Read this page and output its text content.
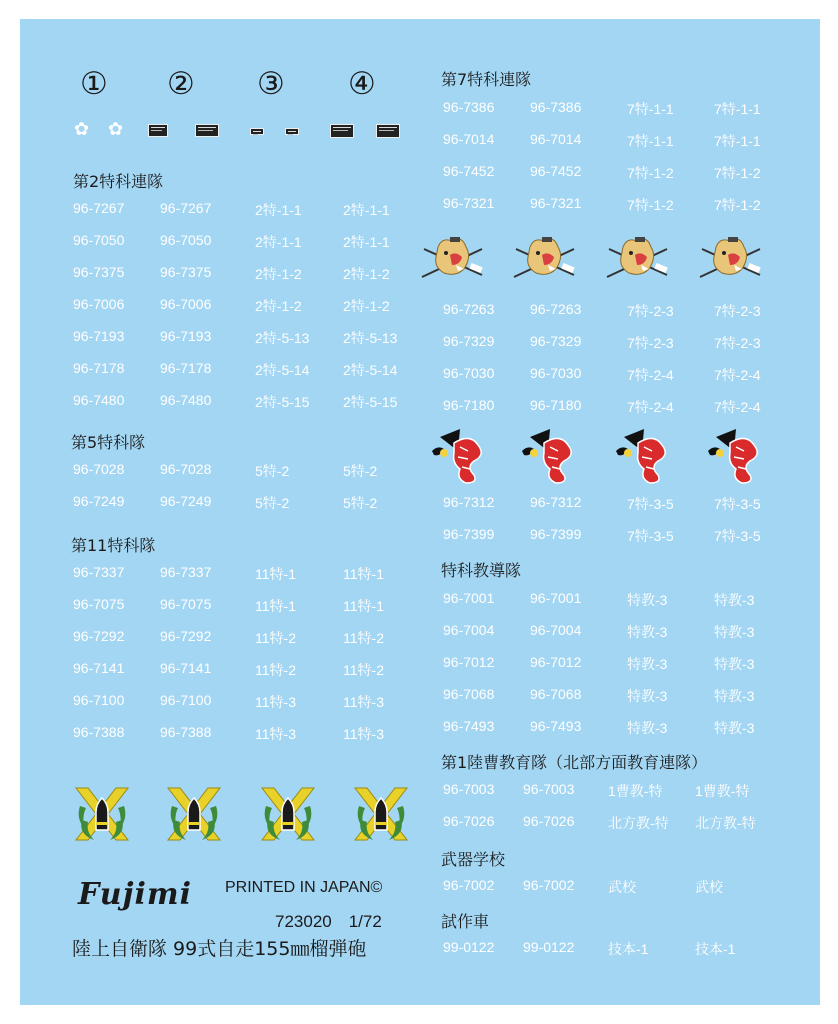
① ② ③ ④
✿ ✿
第2特科連隊
96-7267	96-7267	2特-1-1	2特-1-1
96-7050	96-7050	2特-1-1	2特-1-1
96-7375	96-7375	2特-1-2	2特-1-2
96-7006	96-7006	2特-1-2	2特-1-2
96-7193	96-7193	2特-5-13 2特-5-13
96-7178	96-7178	2特-5-14 2特-5-14
96-7480	96-7480	2特-5-15 2特-5-15
第5特科隊
96-7028	96-7028	5特-2	5特-2
96-7249	96-7249	5特-2	5特-2
第11特科隊
96-7337	96-7337	11特-1	11特-1
96-7075	96-7075	11特-1	11特-1
96-7292	96-7292	11特-2	11特-2
96-7141	96-7141	11特-2	11特-2
96-7100	96-7100	11特-3	11特-3
96-7388	96-7388	11特-3	11特-3
Fujimi PRINTED IN JAPAN©
723020　1/72
陸上自衛隊 99式自走155㎜榴弾砲
第7特科連隊
96-7386	96-7386	7特-1-1	7特-1-1
96-7014	96-7014	7特-1-1	7特-1-1
96-7452	96-7452	7特-1-2	7特-1-2
96-7321	96-7321	7特-1-2	7特-1-2
96-7263	96-7263	7特-2-3	7特-2-3
96-7329	96-7329	7特-2-3	7特-2-3
96-7030	96-7030	7特-2-4	7特-2-4
96-7180	96-7180	7特-2-4	7特-2-4
96-7312	96-7312	7特-3-5	7特-3-5
96-7399	96-7399	7特-3-5	7特-3-5
特科教導隊
96-7001	96-7001	特教-3	特教-3
96-7004	96-7004	特教-3	特教-3
96-7012	96-7012	特教-3	特教-3
96-7068	96-7068	特教-3	特教-3
96-7493	96-7493	特教-3	特教-3
第1陸曹教育隊（北部方面教育連隊）
96-7003 96-7003 1曹教-特 1曹教-特
96-7026 96-7026 北方教-特 北方教-特
武器学校
96-7002 96-7002 武校	武校
試作車
99-0122 99-0122 技本-1	技本-1
